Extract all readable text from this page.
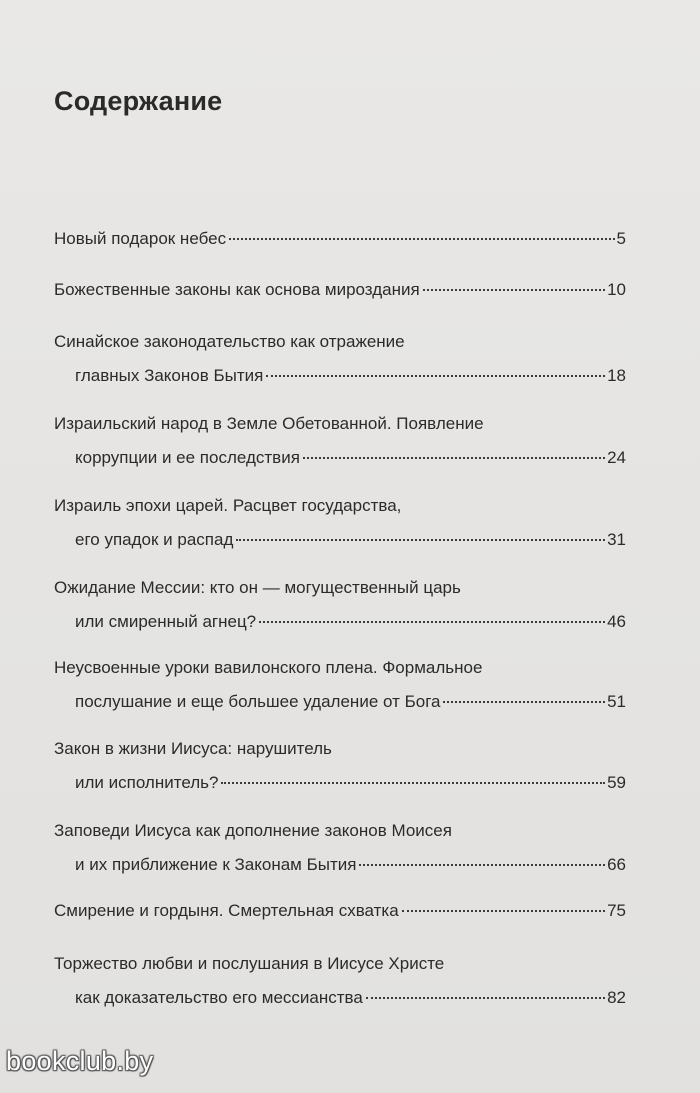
Содержание
Новый подарок небес	5
Божественные законы как основа мироздания	10
Синайское законодательство как отражение
главных Законов Бытия	18
Израильский народ в Земле Обетованной. Появление
коррупции и ее последствия	24
Израиль эпохи царей. Расцвет государства,
его упадок и распад	31
Ожидание Мессии: кто он — могущественный царь
или смиренный агнец?	46
Неусвоенные уроки вавилонского плена. Формальное
послушание и еще большее удаление от Бога	51
Закон в жизни Иисуса: нарушитель
или исполнитель?	59
Заповеди Иисуса как дополнение законов Моисея
и их приближение к Законам Бытия	66
Смирение и гордыня. Смертельная схватка	75
Торжество любви и послушания в Иисусе Христе
как доказательство его мессианства	82
bookclub.by
